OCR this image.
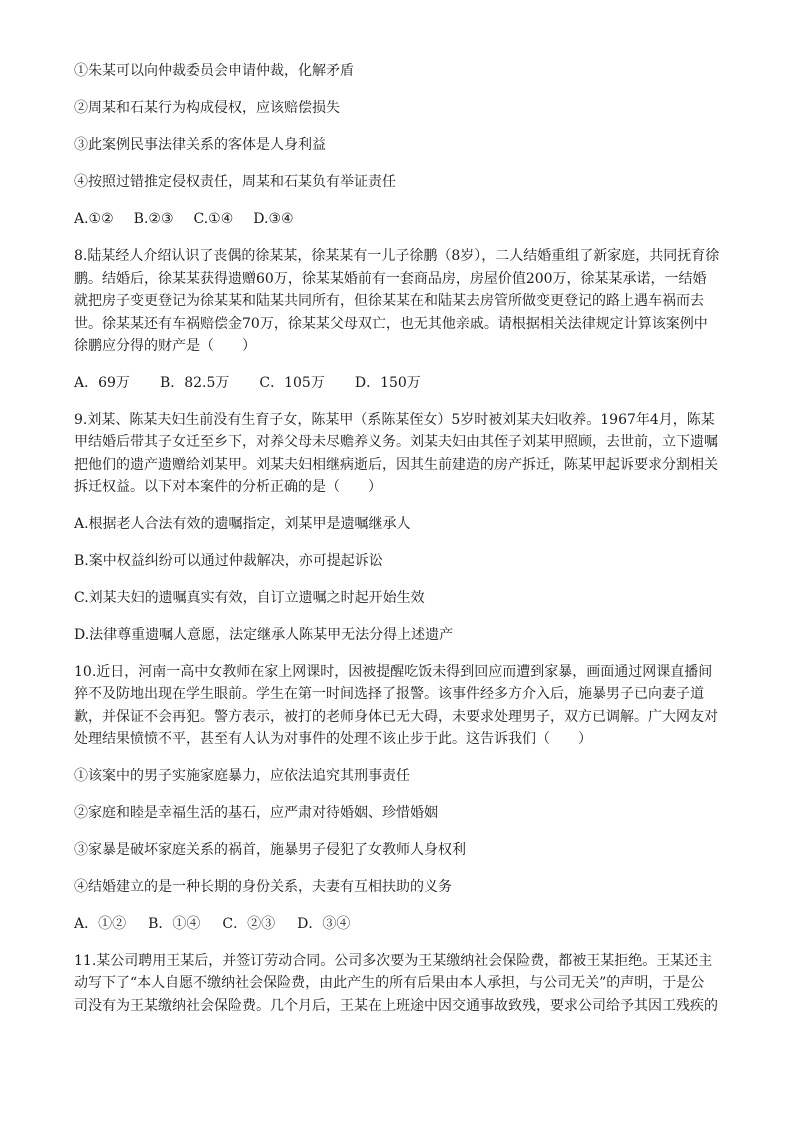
①朱某可以向仲裁委员会申请仲裁，化解矛盾

②周某和石某行为构成侵权，应该赔偿损失

③此案例民事法律关系的客体是人身利益

④按照过错推定侵权责任，周某和石某负有举证责任

A.①② B.②③ C.①④ D.③④
8.陆某经人介绍认识了丧偶的徐某某，徐某某有一儿子徐鹏（8岁），二人结婚重组了新家庭，共同抚育徐
鹏。结婚后，徐某某获得遗赠60万，徐某某婚前有一套商品房，房屋价值200万，徐某某承诺，一结婚
就把房子变更登记为徐某某和陆某共同所有，但徐某某在和陆某去房管所做变更登记的路上遇车祸而去
世。徐某某还有车祸赔偿金70万，徐某某父母双亡，也无其他亲戚。请根据相关法律规定计算该案例中
徐鹏应分得的财产是（　　）
A．69万 B．82.5万 C．105万 D．150万
9.刘某、陈某夫妇生前没有生育子女，陈某甲（系陈某侄女）5岁时被刘某夫妇收养。1967年4月，陈某
甲结婚后带其子女迁至乡下，对养父母未尽赡养义务。刘某夫妇由其侄子刘某甲照顾，去世前，立下遗嘱
把他们的遗产遗赠给刘某甲。刘某夫妇相继病逝后，因其生前建造的房产拆迁，陈某甲起诉要求分割相关
拆迁权益。以下对本案件的分析正确的是（　　）

A.根据老人合法有效的遗嘱指定，刘某甲是遗嘱继承人

B.案中权益纠纷可以通过仲裁解决，亦可提起诉讼

C.刘某夫妇的遗嘱真实有效，自订立遗嘱之时起开始生效

D.法律尊重遗嘱人意愿，法定继承人陈某甲无法分得上述遗产

10.近日，河南一高中女教师在家上网课时，因被提醒吃饭未得到回应而遭到家暴，画面通过网课直播间
猝不及防地出现在学生眼前。学生在第一时间选择了报警。该事件经多方介入后，施暴男子已向妻子道
歉，并保证不会再犯。警方表示，被打的老师身体已无大碍，未要求处理男子，双方已调解。广大网友对
处理结果愤愤不平，甚至有人认为对事件的处理不该止步于此。这告诉我们（　　）

①该案中的男子实施家庭暴力，应依法追究其刑事责任

②家庭和睦是幸福生活的基石，应严肃对待婚姻、珍惜婚姻

③家暴是破坏家庭关系的祸首，施暴男子侵犯了女教师人身权利

④结婚建立的是一种长期的身份关系，夫妻有互相扶助的义务

A．①② B．①④ C．②③ D．③④
11.某公司聘用王某后，并签订劳动合同。公司多次要为王某缴纳社会保险费，都被王某拒绝。王某还主
动写下了“本人自愿不缴纳社会保险费，由此产生的所有后果由本人承担，与公司无关”的声明，于是公
司没有为王某缴纳社会保险费。几个月后，王某在上班途中因交通事故致残，要求公司给予其因工残疾的
